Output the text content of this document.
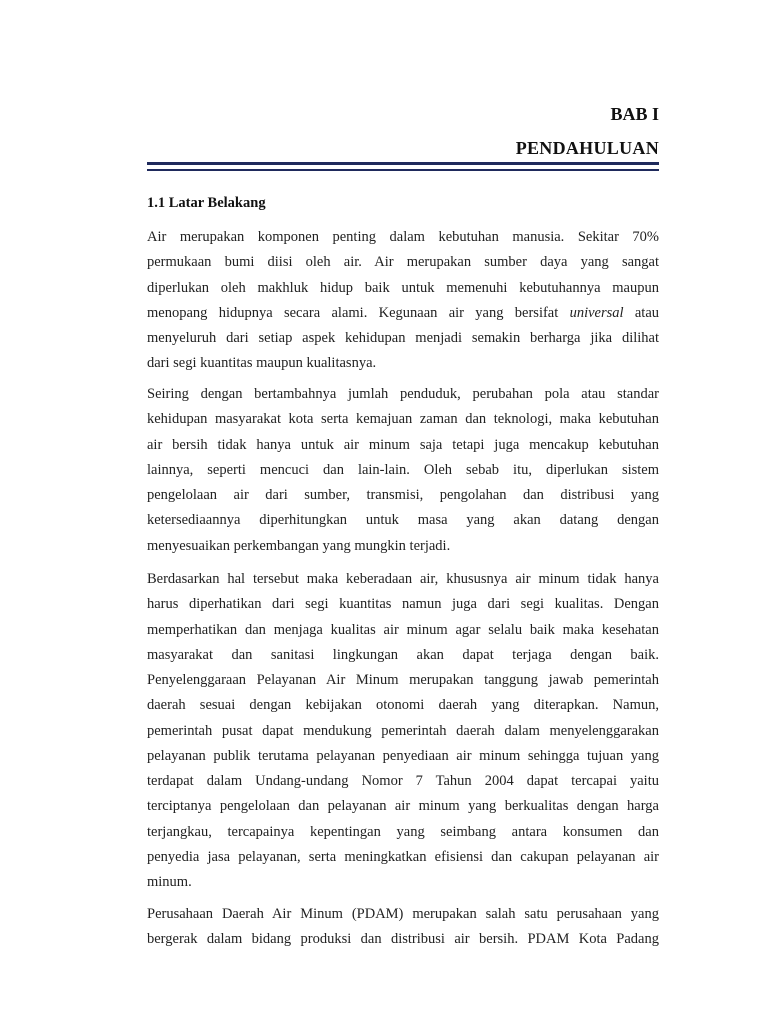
BAB I
PENDAHULUAN
1.1 Latar Belakang
Air merupakan komponen penting dalam kebutuhan manusia. Sekitar 70%
permukaan bumi diisi oleh air. Air merupakan sumber daya yang sangat
diperlukan oleh makhluk hidup baik untuk memenuhi kebutuhannya maupun
menopang hidupnya secara alami. Kegunaan air yang bersifat universal atau
menyeluruh dari setiap aspek kehidupan menjadi semakin berharga jika dilihat
dari segi kuantitas maupun kualitasnya.
Seiring dengan bertambahnya jumlah penduduk, perubahan pola atau standar
kehidupan masyarakat kota serta kemajuan zaman dan teknologi, maka kebutuhan
air bersih tidak hanya untuk air minum saja tetapi juga mencakup kebutuhan
lainnya, seperti mencuci dan lain-lain. Oleh sebab itu, diperlukan sistem
pengelolaan air dari sumber, transmisi, pengolahan dan distribusi yang
ketersediaannya diperhitungkan untuk masa yang akan datang dengan
menyesuaikan perkembangan yang mungkin terjadi.
Berdasarkan hal tersebut maka keberadaan air, khususnya air minum tidak hanya
harus diperhatikan dari segi kuantitas namun juga dari segi kualitas. Dengan
memperhatikan dan menjaga kualitas air minum agar selalu baik maka kesehatan
masyarakat dan sanitasi lingkungan akan dapat terjaga dengan baik.
Penyelenggaraan Pelayanan Air Minum merupakan tanggung jawab pemerintah
daerah sesuai dengan kebijakan otonomi daerah yang diterapkan. Namun,
pemerintah pusat dapat mendukung pemerintah daerah dalam menyelenggarakan
pelayanan publik terutama pelayanan penyediaan air minum sehingga tujuan yang
terdapat dalam Undang-undang Nomor 7 Tahun 2004 dapat tercapai yaitu
terciptanya pengelolaan dan pelayanan air minum yang berkualitas dengan harga
terjangkau, tercapainya kepentingan yang seimbang antara konsumen dan
penyedia jasa pelayanan, serta meningkatkan efisiensi dan cakupan pelayanan air
minum.
Perusahaan Daerah Air Minum (PDAM) merupakan salah satu perusahaan yang
bergerak dalam bidang produksi dan distribusi air bersih. PDAM Kota Padang
